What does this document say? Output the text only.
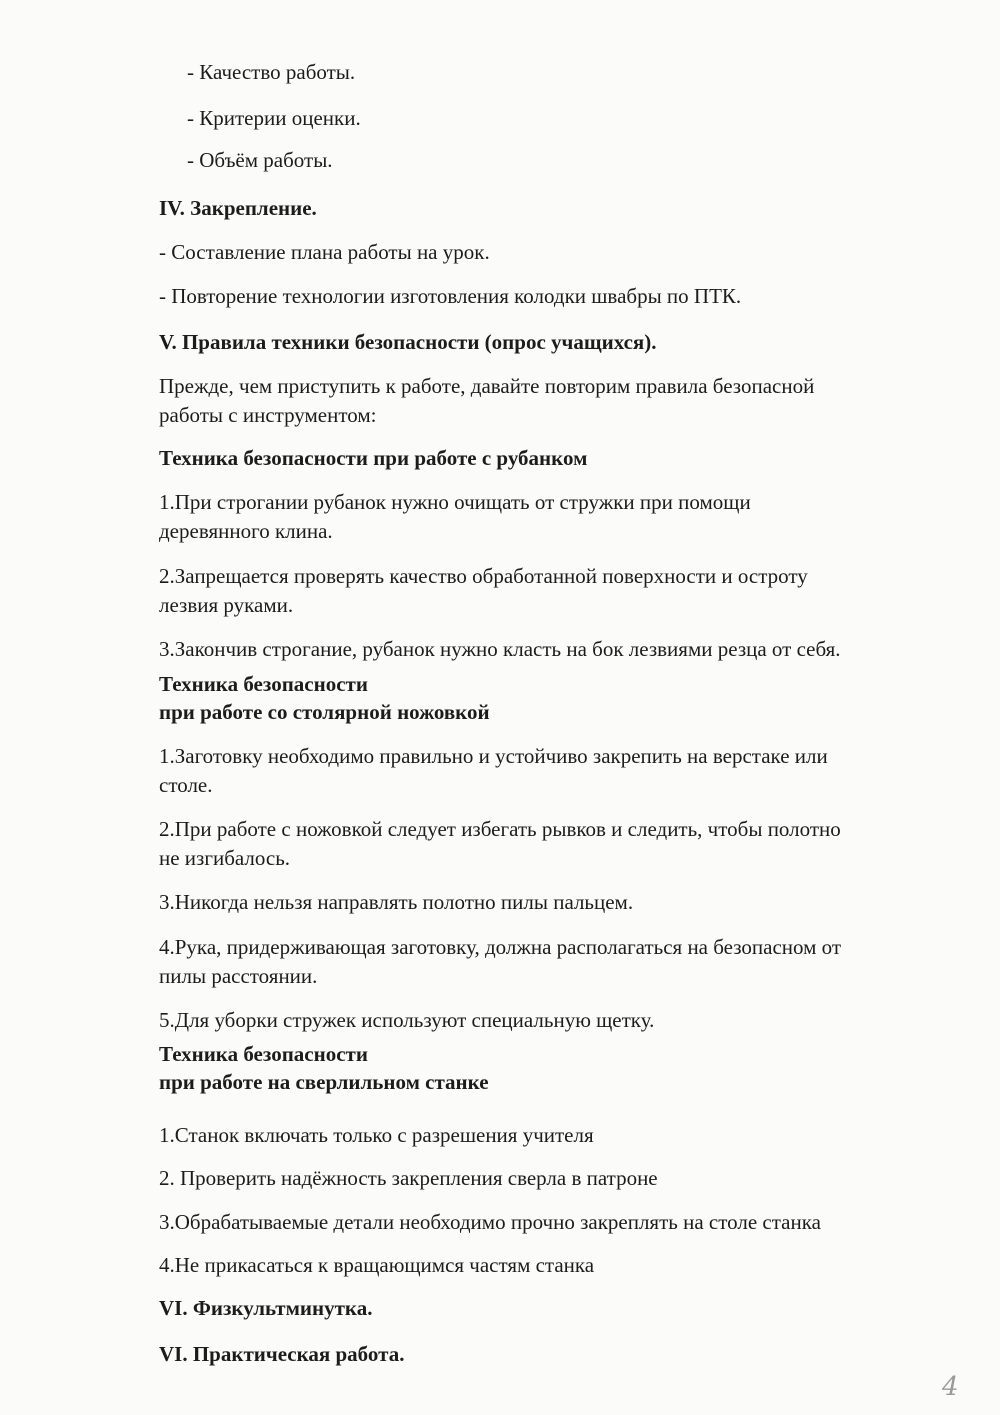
- Качество работы.
- Критерии оценки.
- Объём работы.
IV. Закрепление.
- Составление плана работы на урок.
- Повторение технологии изготовления колодки швабры по ПТК.
V. Правила техники безопасности (опрос учащихся).
Прежде, чем приступить к работе, давайте повторим правила безопасной
работы с инструментом:
Техника безопасности при работе с рубанком
1.При строгании рубанок нужно очищать от стружки при помощи
деревянного клина.
2.Запрещается проверять качество обработанной поверхности и остроту
лезвия руками.
3.Закончив строгание, рубанок нужно класть на бок лезвиями резца от себя.
Техника безопасности
при работе со столярной ножовкой
1.Заготовку необходимо правильно и устойчиво закрепить на верстаке или
столе.
2.При работе с ножовкой следует избегать рывков и следить, чтобы полотно
не изгибалось.
3.Никогда нельзя направлять полотно пилы пальцем.
4.Рука, придерживающая заготовку, должна располагаться на безопасном от
пилы расстоянии.
5.Для уборки стружек используют специальную щетку.
Техника безопасности
при работе на сверлильном станке
1.Станок включать только с разрешения учителя
2. Проверить надёжность закрепления сверла в патроне
3.Обрабатываемые детали необходимо прочно закреплять на столе станка
4.Не прикасаться к вращающимся частям станка
VI. Физкультминутка.
VI. Практическая работа.
4
